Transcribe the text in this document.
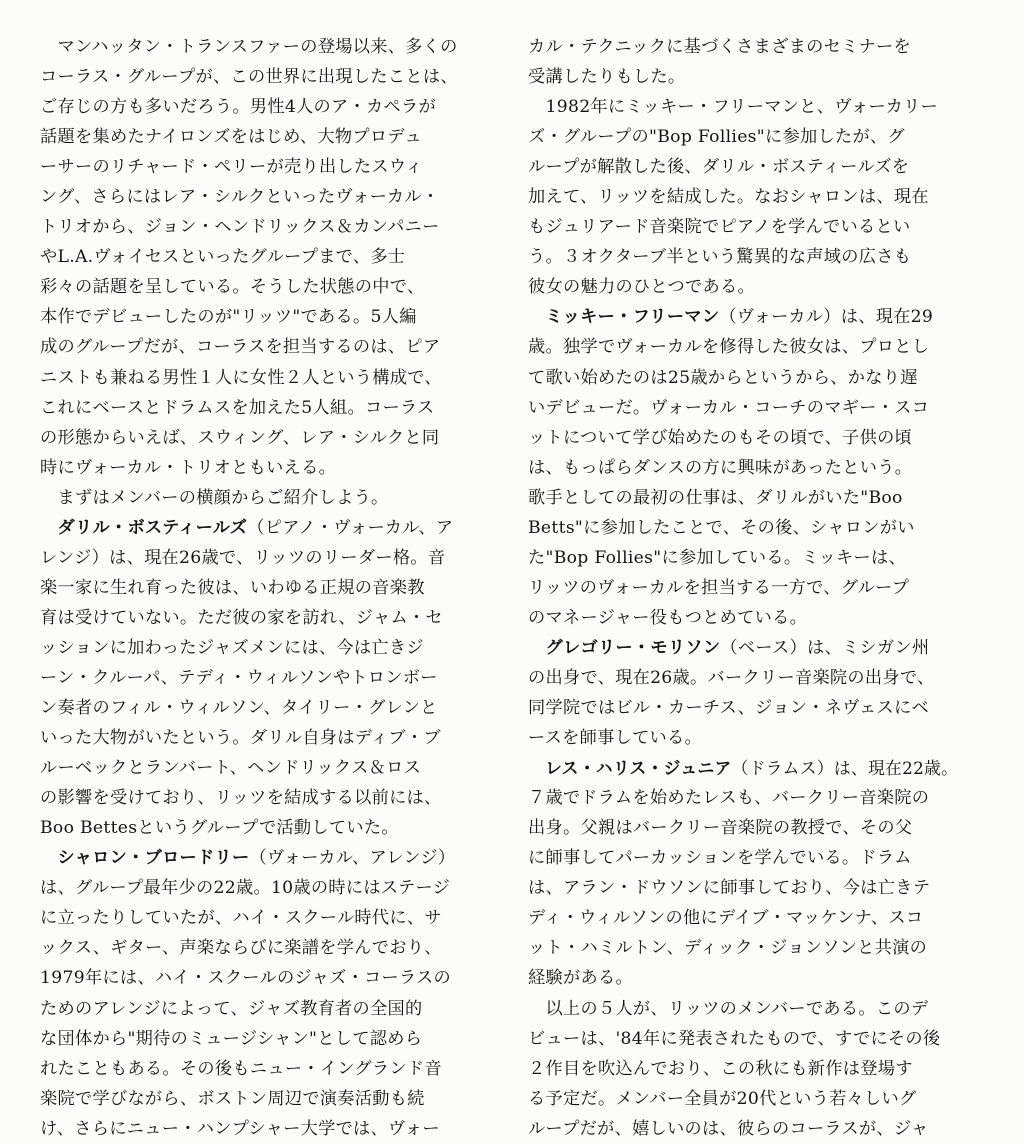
　マンハッタン・トランスファーの登場以来、多くの
コーラス・グループが、この世界に出現したことは、
ご存じの方も多いだろう。男性4人のア・カペラが
話題を集めたナイロンズをはじめ、大物プロデュ
ーサーのリチャード・ペリーが売り出したスウィ
ング、さらにはレア・シルクといったヴォーカル・
トリオから、ジョン・ヘンドリックス＆カンパニー
やL.A.ヴォイセスといったグループまで、多士
彩々の話題を呈している。そうした状態の中で、
本作でデビューしたのが"リッツ"である。5人編
成のグループだが、コーラスを担当するのは、ピア
ニストも兼ねる男性１人に女性２人という構成で、
これにベースとドラムスを加えた5人組。コーラス
の形態からいえば、スウィング、レア・シルクと同
時にヴォーカル・トリオともいえる。
　まずはメンバーの横顔からご紹介しよう。
　ダリル・ボスティールズ（ピアノ・ヴォーカル、ア
レンジ）は、現在26歳で、リッツのリーダー格。音
楽一家に生れ育った彼は、いわゆる正規の音楽教
育は受けていない。ただ彼の家を訪れ、ジャム・セ
ッションに加わったジャズメンには、今は亡きジ
ーン・クルーパ、テディ・ウィルソンやトロンボー
ン奏者のフィル・ウィルソン、タイリー・グレンと
いった大物がいたという。ダリル自身はディブ・ブ
ルーベックとランバート、ヘンドリックス＆ロス
の影響を受けており、リッツを結成する以前には、
Boo Bettesというグループで活動していた。
　シャロン・ブロードリー（ヴォーカル、アレンジ）
は、グループ最年少の22歳。10歳の時にはステージ
に立ったりしていたが、ハイ・スクール時代に、サ
ックス、ギター、声楽ならびに楽譜を学んでおり、
1979年には、ハイ・スクールのジャズ・コーラスの
ためのアレンジによって、ジャズ教育者の全国的
な団体から"期待のミュージシャン"として認めら
れたこともある。その後もニュー・イングランド音
楽院で学びながら、ボストン周辺で演奏活動も続
け、さらにニュー・ハンプシャー大学では、ヴォー
カル・テクニックに基づくさまざまのセミナーを
受講したりもした。
　1982年にミッキー・フリーマンと、ヴォーカリー
ズ・グループの"Bop Follies"に参加したが、グ
ループが解散した後、ダリル・ボスティールズを
加えて、リッツを結成した。なおシャロンは、現在
もジュリアード音楽院でピアノを学んでいるとい
う。３オクターブ半という驚異的な声域の広さも
彼女の魅力のひとつである。
　ミッキー・フリーマン（ヴォーカル）は、現在29
歳。独学でヴォーカルを修得した彼女は、プロとし
て歌い始めたのは25歳からというから、かなり遅
いデビューだ。ヴォーカル・コーチのマギー・スコ
ットについて学び始めたのもその頃で、子供の頃
は、もっぱらダンスの方に興味があったという。
歌手としての最初の仕事は、ダリルがいた"Boo
Betts"に参加したことで、その後、シャロンがい
た"Bop Follies"に参加している。ミッキーは、
リッツのヴォーカルを担当する一方で、グループ
のマネージャー役もつとめている。
　グレゴリー・モリソン（ベース）は、ミシガン州
の出身で、現在26歳。バークリー音楽院の出身で、
同学院ではビル・カーチス、ジョン・ネヴェスにベ
ースを師事している。
　レス・ハリス・ジュニア（ドラムス）は、現在22歳。
７歳でドラムを始めたレスも、バークリー音楽院の
出身。父親はバークリー音楽院の教授で、その父
に師事してパーカッションを学んでいる。ドラム
は、アラン・ドウソンに師事しており、今は亡きテ
ディ・ウィルソンの他にデイブ・マッケンナ、スコ
ット・ハミルトン、ディック・ジョンソンと共演の
経験がある。
　以上の５人が、リッツのメンバーである。このデ
ビューは、'84年に発表されたもので、すでにその後
２作目を吹込んでおり、この秋にも新作は登場す
る予定だ。メンバー全員が20代という若々しいグ
ループだが、嬉しいのは、彼らのコーラスが、ジャ
